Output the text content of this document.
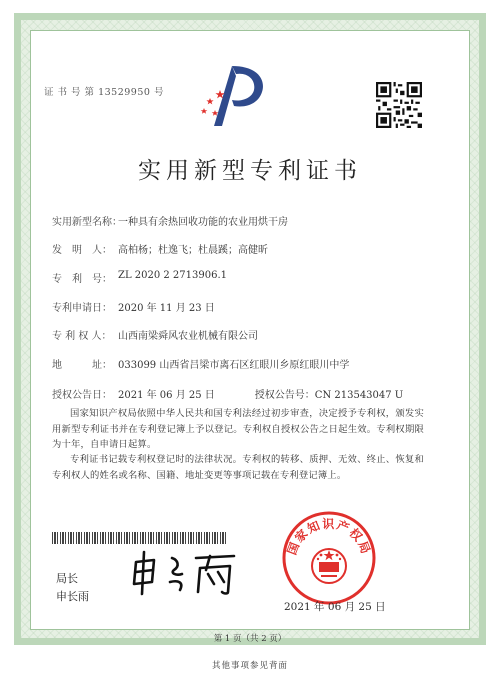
证 书 号 第 13529950 号
实用新型专利证书
实用新型名称：
一种具有余热回收功能的农业用烘干房
发　明　人： 高柏杨；杜逸飞；杜晨蹊；高健昕
专　利　号： ZL 2020 2 2713906.1
专利申请日： 2020 年 11 月 23 日
专 利 权 人： 山西南梁舜风农业机械有限公司
地　　　址： 033099 山西省吕梁市离石区红眼川乡原红眼川中学
授权公告日： 2021 年 06 月 25 日　　　　授权公告号：CN 213543047 U
国家知识产权局依照中华人民共和国专利法经过初步审查，决定授予专利权，颁发实用新型专利证书并在专利登记簿上予以登记。专利权自授权公告之日起生效。专利权期限为十年，自申请日起算。
专利证书记载专利权登记时的法律状况。专利权的转移、质押、无效、终止、恢复和专利权人的姓名或名称、国籍、地址变更等事项记载在专利登记簿上。
局长
申长雨
国家知识产权局
2021 年 06 月 25 日
第 1 页（共 2 页）
其他事项参见背面
